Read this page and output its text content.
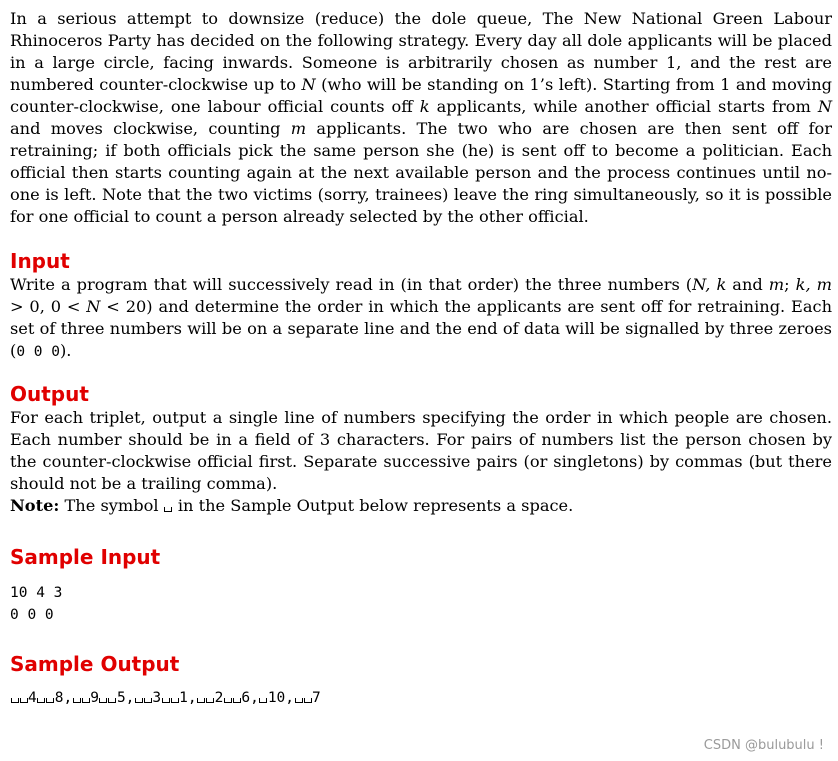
In a serious attempt to downsize (reduce) the dole queue, The New National Green Labour Rhinoceros Party has decided on the following strategy. Every day all dole applicants will be placed in a large circle, facing inwards. Someone is arbitrarily chosen as number 1, and the rest are numbered counter-clockwise up to N (who will be standing on 1’s left). Starting from 1 and moving counter-clockwise, one labour official counts off k applicants, while another official starts from N and moves clockwise, counting m applicants. The two who are chosen are then sent off for retraining; if both officials pick the same person she (he) is sent off to become a politician. Each official then starts counting again at the next available person and the process continues until no-one is left. Note that the two victims (sorry, trainees) leave the ring simultaneously, so it is possible for one official to count a person already selected by the other official.

Input

Write a program that will successively read in (in that order) the three numbers (N, k and m; k, m > 0, 0 < N < 20) and determine the order in which the applicants are sent off for retraining. Each set of three numbers will be on a separate line and the end of data will be signalled by three zeroes (0 0 0).

Output

For each triplet, output a single line of numbers specifying the order in which people are chosen. Each number should be in a field of 3 characters. For pairs of numbers list the person chosen by the counter-clockwise official first. Separate successive pairs (or singletons) by commas (but there should not be a trailing comma).

Note: The symbol  in the Sample Output below represents a space.

Sample Input
10 4 3
0 0 0
Sample Output
4 8, 9 5, 3 1, 2 6, 10, 7
CSDN @bulubulu !
